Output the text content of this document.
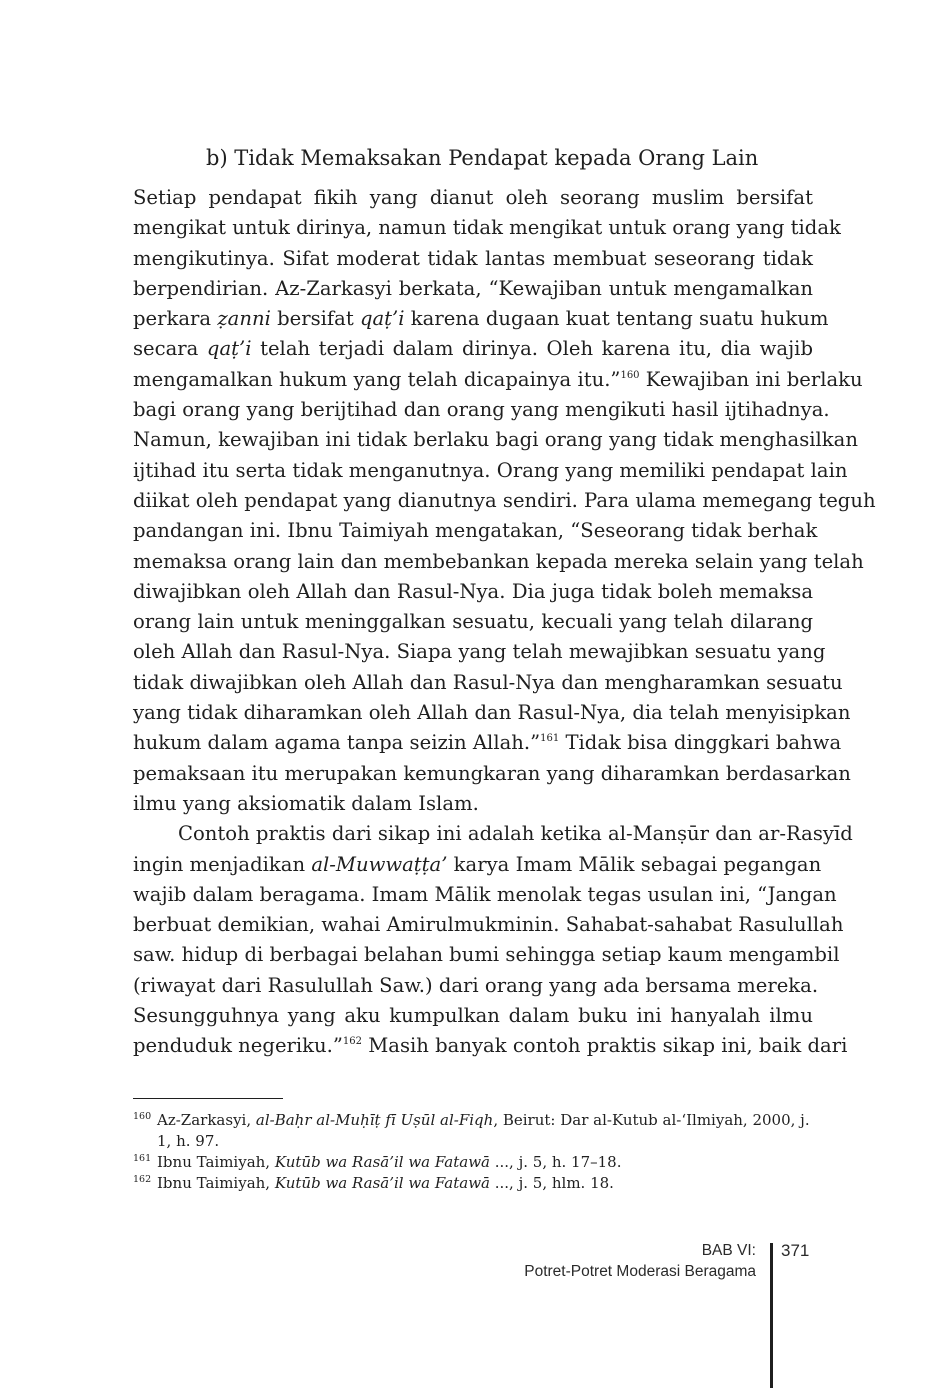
b) Tidak Memaksakan Pendapat kepada Orang Lain
Setiap pendapat fikih yang dianut oleh seorang muslim bersifat
mengikat untuk dirinya, namun tidak mengikat untuk orang yang tidak
mengikutinya. Sifat moderat tidak lantas membuat seseorang tidak
berpendirian. Az-Zarkasyi berkata, “Kewajiban untuk mengamalkan
perkara ẓanni bersifat qaṭ’i karena dugaan kuat tentang suatu hukum
secara qaṭ’i telah terjadi dalam dirinya. Oleh karena itu, dia wajib
mengamalkan hukum yang telah dicapainya itu.”$^{160}$ Kewajiban ini berlaku
bagi orang yang berijtihad dan orang yang mengikuti hasil ijtihadnya.
Namun, kewajiban ini tidak berlaku bagi orang yang tidak menghasilkan
ijtihad itu serta tidak menganutnya. Orang yang memiliki pendapat lain
diikat oleh pendapat yang dianutnya sendiri. Para ulama memegang teguh
pandangan ini. Ibnu Taimiyah mengatakan, “Seseorang tidak berhak
memaksa orang lain dan membebankan kepada mereka selain yang telah
diwajibkan oleh Allah dan Rasul-Nya. Dia juga tidak boleh memaksa
orang lain untuk meninggalkan sesuatu, kecuali yang telah dilarang
oleh Allah dan Rasul-Nya. Siapa yang telah mewajibkan sesuatu yang
tidak diwajibkan oleh Allah dan Rasul-Nya dan mengharamkan sesuatu
yang tidak diharamkan oleh Allah dan Rasul-Nya, dia telah menyisipkan
hukum dalam agama tanpa seizin Allah.”$^{161}$ Tidak bisa dinggkari bahwa
pemaksaan itu merupakan kemungkaran yang diharamkan berdasarkan
ilmu yang aksiomatik dalam Islam.
Contoh praktis dari sikap ini adalah ketika al-Manṣūr dan ar-Rasyīd
ingin menjadikan al-Muwwaṭṭa’ karya Imam Mālik sebagai pegangan
wajib dalam beragama. Imam Mālik menolak tegas usulan ini, “Jangan
berbuat demikian, wahai Amirulmukminin. Sahabat-sahabat Rasulullah
saw. hidup di berbagai belahan bumi sehingga setiap kaum mengambil
(riwayat dari Rasulullah Saw.) dari orang yang ada bersama mereka.
Sesungguhnya yang aku kumpulkan dalam buku ini hanyalah ilmu
penduduk negeriku.”$^{162}$ Masih banyak contoh praktis sikap ini, baik dari
160 Az-Zarkasyi, al-Baḥr al-Muḥīṭ fī Uṣūl al-Fiqh, Beirut: Dar al-Kutub al-‘Ilmiyah, 2000, j. 1, h. 97.
161 Ibnu Taimiyah, Kutūb wa Rasā’il wa Fatawā ..., j. 5, h. 17–18.
162 Ibnu Taimiyah, Kutūb wa Rasā’il wa Fatawā ..., j. 5, hlm. 18.
BAB VI:
Potret-Potret Moderasi Beragama
371
